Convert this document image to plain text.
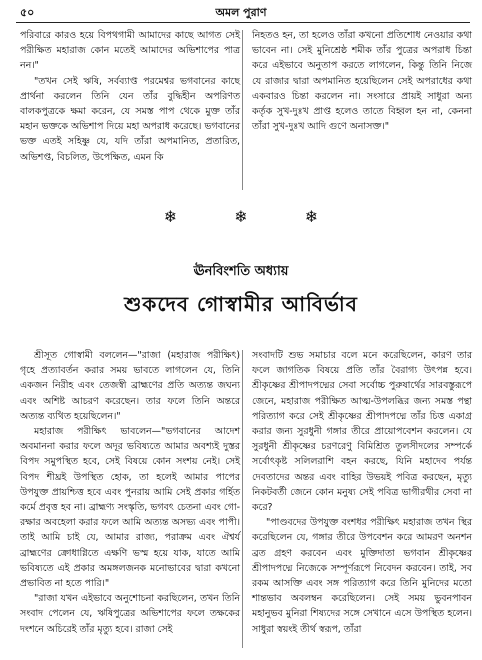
৫০	অমল পুরাণ

পরিবারে কারও হয়ে বিপথগামী আমাদের কাছে আগত সেই পরীক্ষিত মহারাজ কোন মতেই আমাদের অভিশাপের পাত্র নন।"

"তখন সেই ঋষি, সর্বব্যাপ্ত পরমেশ্বর ভগবানের কাছে প্রার্থনা করলেন তিনি যেন তাঁর বুদ্ধিহীন অপরিণত বালকপুত্রকে ক্ষমা করেন, যে সমস্ত পাপ থেকে মুক্ত তাঁর মহান ভক্তকে অভিশাপ দিয়ে মহা অপরাধ করেছে। ভগবানের ভক্ত এতই সহিষ্ণু যে, যদি তাঁরা অপমানিত, প্রতারিত, অভিশপ্ত, বিচলিত, উপেক্ষিত, এমন কি

নিহতও হন, তা হলেও তাঁরা কখনো প্রতিশোধ নেওয়ার কথা ভাবেন না। সেই মুনিশ্রেষ্ঠ শমীক তাঁর পুত্রের অপরাধ চিন্তা করে এইভাবে অনুতাপ করতে লাগলেন, কিন্তু তিনি নিজে যে রাজার দ্বারা অপমানিত হয়েছিলেন সেই অপরাধের কথা একবারও চিন্তা করলেন না। সংসারে প্রায়ই সাধুরা অন্য কর্তৃক সুখ-দুঃখ প্রাপ্ত হলেও তাতে বিহ্বল হন না, কেননা তাঁরা সুখ-দুঃখ আদি গুণে অনাসক্ত।"

❄	❄	❄
ঊনবিংশতি অধ্যায়
শুকদেব গোস্বামীর আবির্ভাব

শ্রীসূত গোস্বামী বললেন—"রাজা (মহারাজ পরীক্ষিৎ) গৃহে প্রত্যাবর্তন করার সময় ভাবতে লাগলেন যে, তিনি একজন নিরীহ এবং তেজস্বী ব্রাহ্মণের প্রতি অত্যন্ত জঘন্য এবং অশিষ্ট আচরণ করেছেন। তার ফলে তিনি অন্তরে অত্যন্ত ব্যথিত হয়েছিলেন।"

মহারাজ পরীক্ষিৎ ভাবলেন—"ভগবানের আদেশ অবমাননা করার ফলে অদূর ভবিষ্যতে আমার অবশ্যই দুস্তর বিপদ সমুপস্থিত হবে, সেই বিষয়ে কোন সংশয় নেই। সেই বিপদ শীঘ্রই উপস্থিত হোক, তা হলেই আমার পাপের উপযুক্ত প্রায়শ্চিত্ত হবে এবং পুনরায় আমি সেই প্রকার গর্হিত কর্মে প্রবৃত্ত হব না। ব্রাহ্মণ্য সংস্কৃতি, ভগবৎ চেতনা এবং গো-রক্ষার অবহেলা করার ফলে আমি অত্যন্ত অসভ্য এবং পাপী। তাই আমি চাই যে, আমার রাজ্য, পরাক্রম এবং ঐশ্বর্য ব্রাহ্মণের ক্রোধাগ্নিতে এক্ষণি ভস্ম হয়ে যাক, যাতে আমি ভবিষ্যতে এই প্রকার অমঙ্গলজনক মনোভাবের দ্বারা কখনো প্রভাবিত না হতে পারি।"

"রাজা যখন এইভাবে অনুশোচনা করছিলেন, তখন তিনি সংবাদ পেলেন যে, ঋষিপুত্রের অভিশাপের ফলে তক্ষকের দংশনে অচিরেই তাঁর মৃত্যু হবে। রাজা সেই

সংবাদটি শুভ সমাচার বলে মনে করেছিলেন, কারণ তার ফলে জাগতিক বিষয়ে প্রতি তাঁর বৈরাগ্য উৎপন্ন হবে। শ্রীকৃষ্ণের শ্রীপাদপদ্মের সেবা সর্বোচ্চ পুরুষার্থের সারবস্তুরূপে জেনে, মহারাজ পরীক্ষিত আত্ম-উপলব্ধির জন্য সমস্ত পন্থা পরিত্যাগ করে সেই শ্রীকৃষ্ণের শ্রীপাদপদ্মে তাঁর চিত্ত একাগ্র করার জন্য সুরধুনী গঙ্গার তীরে প্রায়োপবেশন করলেন। যে সুরধুনী শ্রীকৃষ্ণের চরণরেণু বিমিশ্রিত তুলসীদলের সম্পর্কে সর্বোৎকৃষ্ট সলিলরাশি বহন করছে, যিনি মহাদেব পর্যন্ত দেবতাদের অন্তর এবং বাহির উভয়ই পবিত্র করছেন, মৃত্যু নিকটবর্তী জেনে কোন মনুষ্য সেই পবিত্র ভাগীরথীর সেবা না করে?

"পাণ্ডবদের উপযুক্ত বংশধর পরীক্ষিৎ মহারাজ তখন স্থির করেছিলেন যে, গঙ্গার তীরে উপবেশন করে আমরণ অনশন ব্রত গ্রহণ করবেন এবং মুক্তিদাতা ভগবান শ্রীকৃষ্ণের শ্রীপাদপদ্মে নিজেকে সম্পূর্ণরূপে নিবেদন করবেন। তাই, সব রকম আসক্তি এবং সঙ্গ পরিত্যাগ করে তিনি মুনিদের মতো শান্তভাব অবলম্বন করেছিলেন। সেই সময় ভুবনপাবন মহানুভব মুনিরা শিষ্যদের সঙ্গে সেখানে এসে উপস্থিত হলেন। সাধুরা স্বয়ংই তীর্থ স্বরূপ, তাঁরা
